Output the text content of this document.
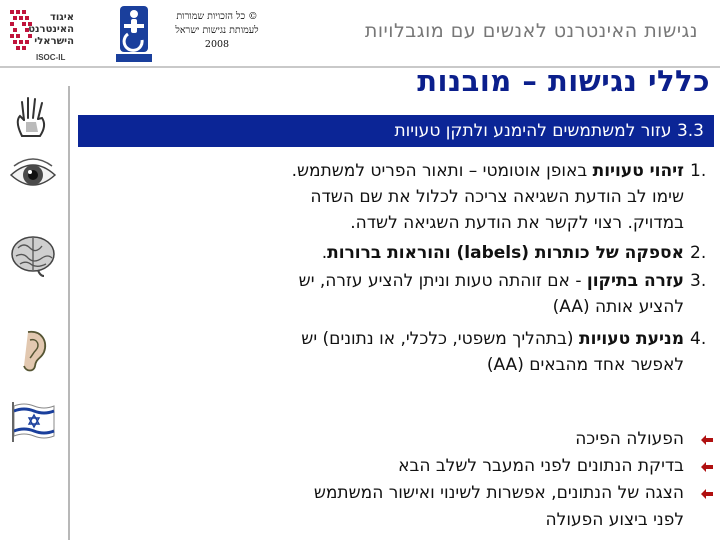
איגוד
האינטרנט
הישראלי
ISOC-IL
© כל הזכויות שמורות
לעמותת נגישות ישראל
2008
נגישות האינטרנט לאנשים עם מוגבלויות
כללי נגישות – מובנות
3.3 עזור למשתמשים להימנע ולתקן טעויות
1.
זיהוי טעויות באופן אוטומטי – ותאור הפריט למשתמש.
שימו לב הודעת השגיאה צריכה לכלול את שם השדה
במדויק. רצוי לקשר את הודעת השגיאה לשדה.
2.
אספקה של כותרות (labels) והוראות ברורות.
3.
עזרה בתיקון - אם זוהתה טעות וניתן להציע עזרה, יש
להציע אותה (AA)
4.
מניעת טעויות (בתהליך משפטי, כלכלי, או נתונים) יש
לאפשר אחד מהבאים (AA)
הפעולה הפיכה
בדיקת הנתונים לפני המעבר לשלב הבא
הצגה של הנתונים, אפשרות לשינוי ואישור המשתמש
לפני ביצוע הפעולה
